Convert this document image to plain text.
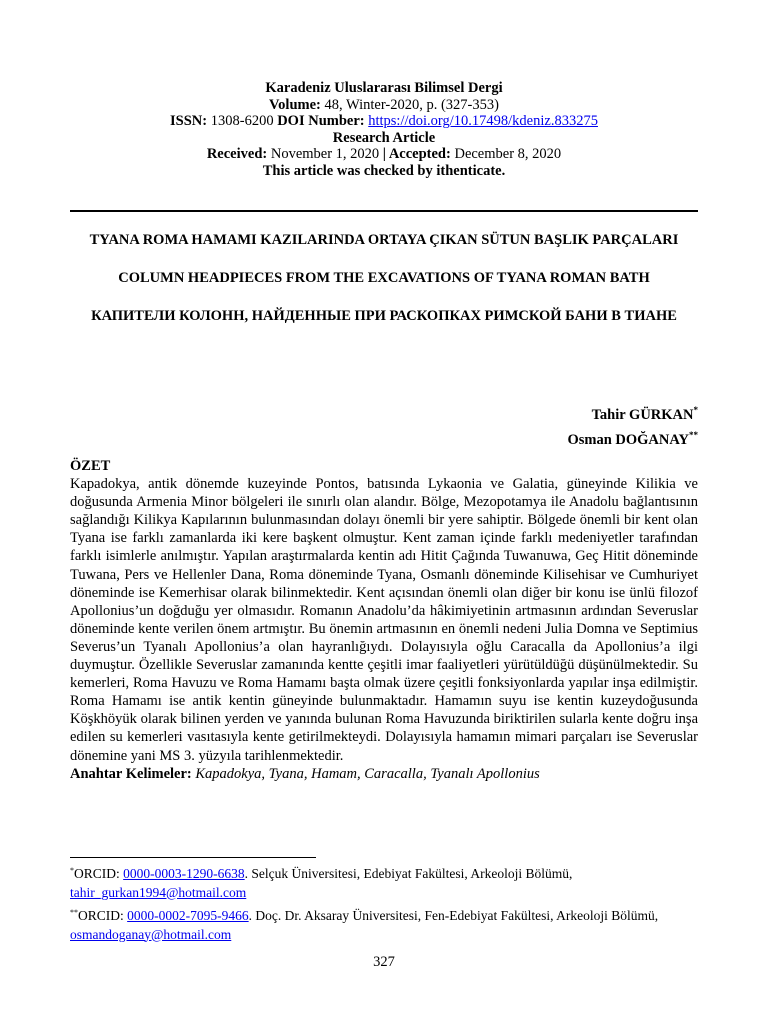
Karadeniz Uluslararası Bilimsel Dergi
Volume: 48, Winter-2020, p. (327-353)
ISSN: 1308-6200 DOI Number: https://doi.org/10.17498/kdeniz.833275
Research Article
Received: November 1, 2020 | Accepted: December 8, 2020
This article was checked by ithenticate.
TYANA ROMA HAMAMI KAZILARINDA ORTAYA ÇIKAN SÜTUN BAŞLIK PARÇALARI
COLUMN HEADPIECES FROM THE EXCAVATIONS OF TYANA ROMAN BATH
КАПИТЕЛИ КОЛОНН, НАЙДЕННЫЕ ПРИ РАСКОПКАХ РИМСКОЙ БАНИ В ТИАНЕ
Tahir GÜRKAN*
Osman DOĞANAY**
ÖZET
Kapadokya, antik dönemde kuzeyinde Pontos, batısında Lykaonia ve Galatia, güneyinde Kilikia ve doğusunda Armenia Minor bölgeleri ile sınırlı olan alandır. Bölge, Mezopotamya ile Anadolu bağlantısının sağlandığı Kilikya Kapılarının bulunmasından dolayı önemli bir yere sahiptir. Bölgede önemli bir kent olan Tyana ise farklı zamanlarda iki kere başkent olmuştur. Kent zaman içinde farklı medeniyetler tarafından farklı isimlerle anılmıştır. Yapılan araştırmalarda kentin adı Hitit Çağında Tuwanuwa, Geç Hitit döneminde Tuwana, Pers ve Hellenler Dana, Roma döneminde Tyana, Osmanlı döneminde Kilisehisar ve Cumhuriyet döneminde ise Kemerhisar olarak bilinmektedir. Kent açısından önemli olan diğer bir konu ise ünlü filozof Apollonius’un doğduğu yer olmasıdır. Romanın Anadolu’da hâkimiyetinin artmasının ardından Severuslar döneminde kente verilen önem artmıştır. Bu önemin artmasının en önemli nedeni Julia Domna ve Septimius Severus’un Tyanalı Apollonius’a olan hayranlığıydı. Dolayısıyla oğlu Caracalla da Apollonius’a ilgi duymuştur. Özellikle Severuslar zamanında kentte çeşitli imar faaliyetleri yürütüldüğü düşünülmektedir. Su kemerleri, Roma Havuzu ve Roma Hamamı başta olmak üzere çeşitli fonksiyonlarda yapılar inşa edilmiştir. Roma Hamamı ise antik kentin güneyinde bulunmaktadır. Hamamın suyu ise kentin kuzeydoğusunda Köşkhöyük olarak bilinen yerden ve yanında bulunan Roma Havuzunda biriktirilen sularla kente doğru inşa edilen su kemerleri vasıtasıyla kente getirilmekteydi. Dolayısıyla hamamın mimari parçaları ise Severuslar dönemine yani MS 3. yüzyıla tarihlenmektedir.
Anahtar Kelimeler: Kapadokya, Tyana, Hamam, Caracalla, Tyanalı Apollonius

*ORCID: 0000-0003-1290-6638. Selçuk Üniversitesi, Edebiyat Fakültesi, Arkeoloji Bölümü, tahir_gurkan1994@hotmail.com

**ORCID: 0000-0002-7095-9466. Doç. Dr. Aksaray Üniversitesi, Fen-Edebiyat Fakültesi, Arkeoloji Bölümü, osmandoganay@hotmail.com

327
